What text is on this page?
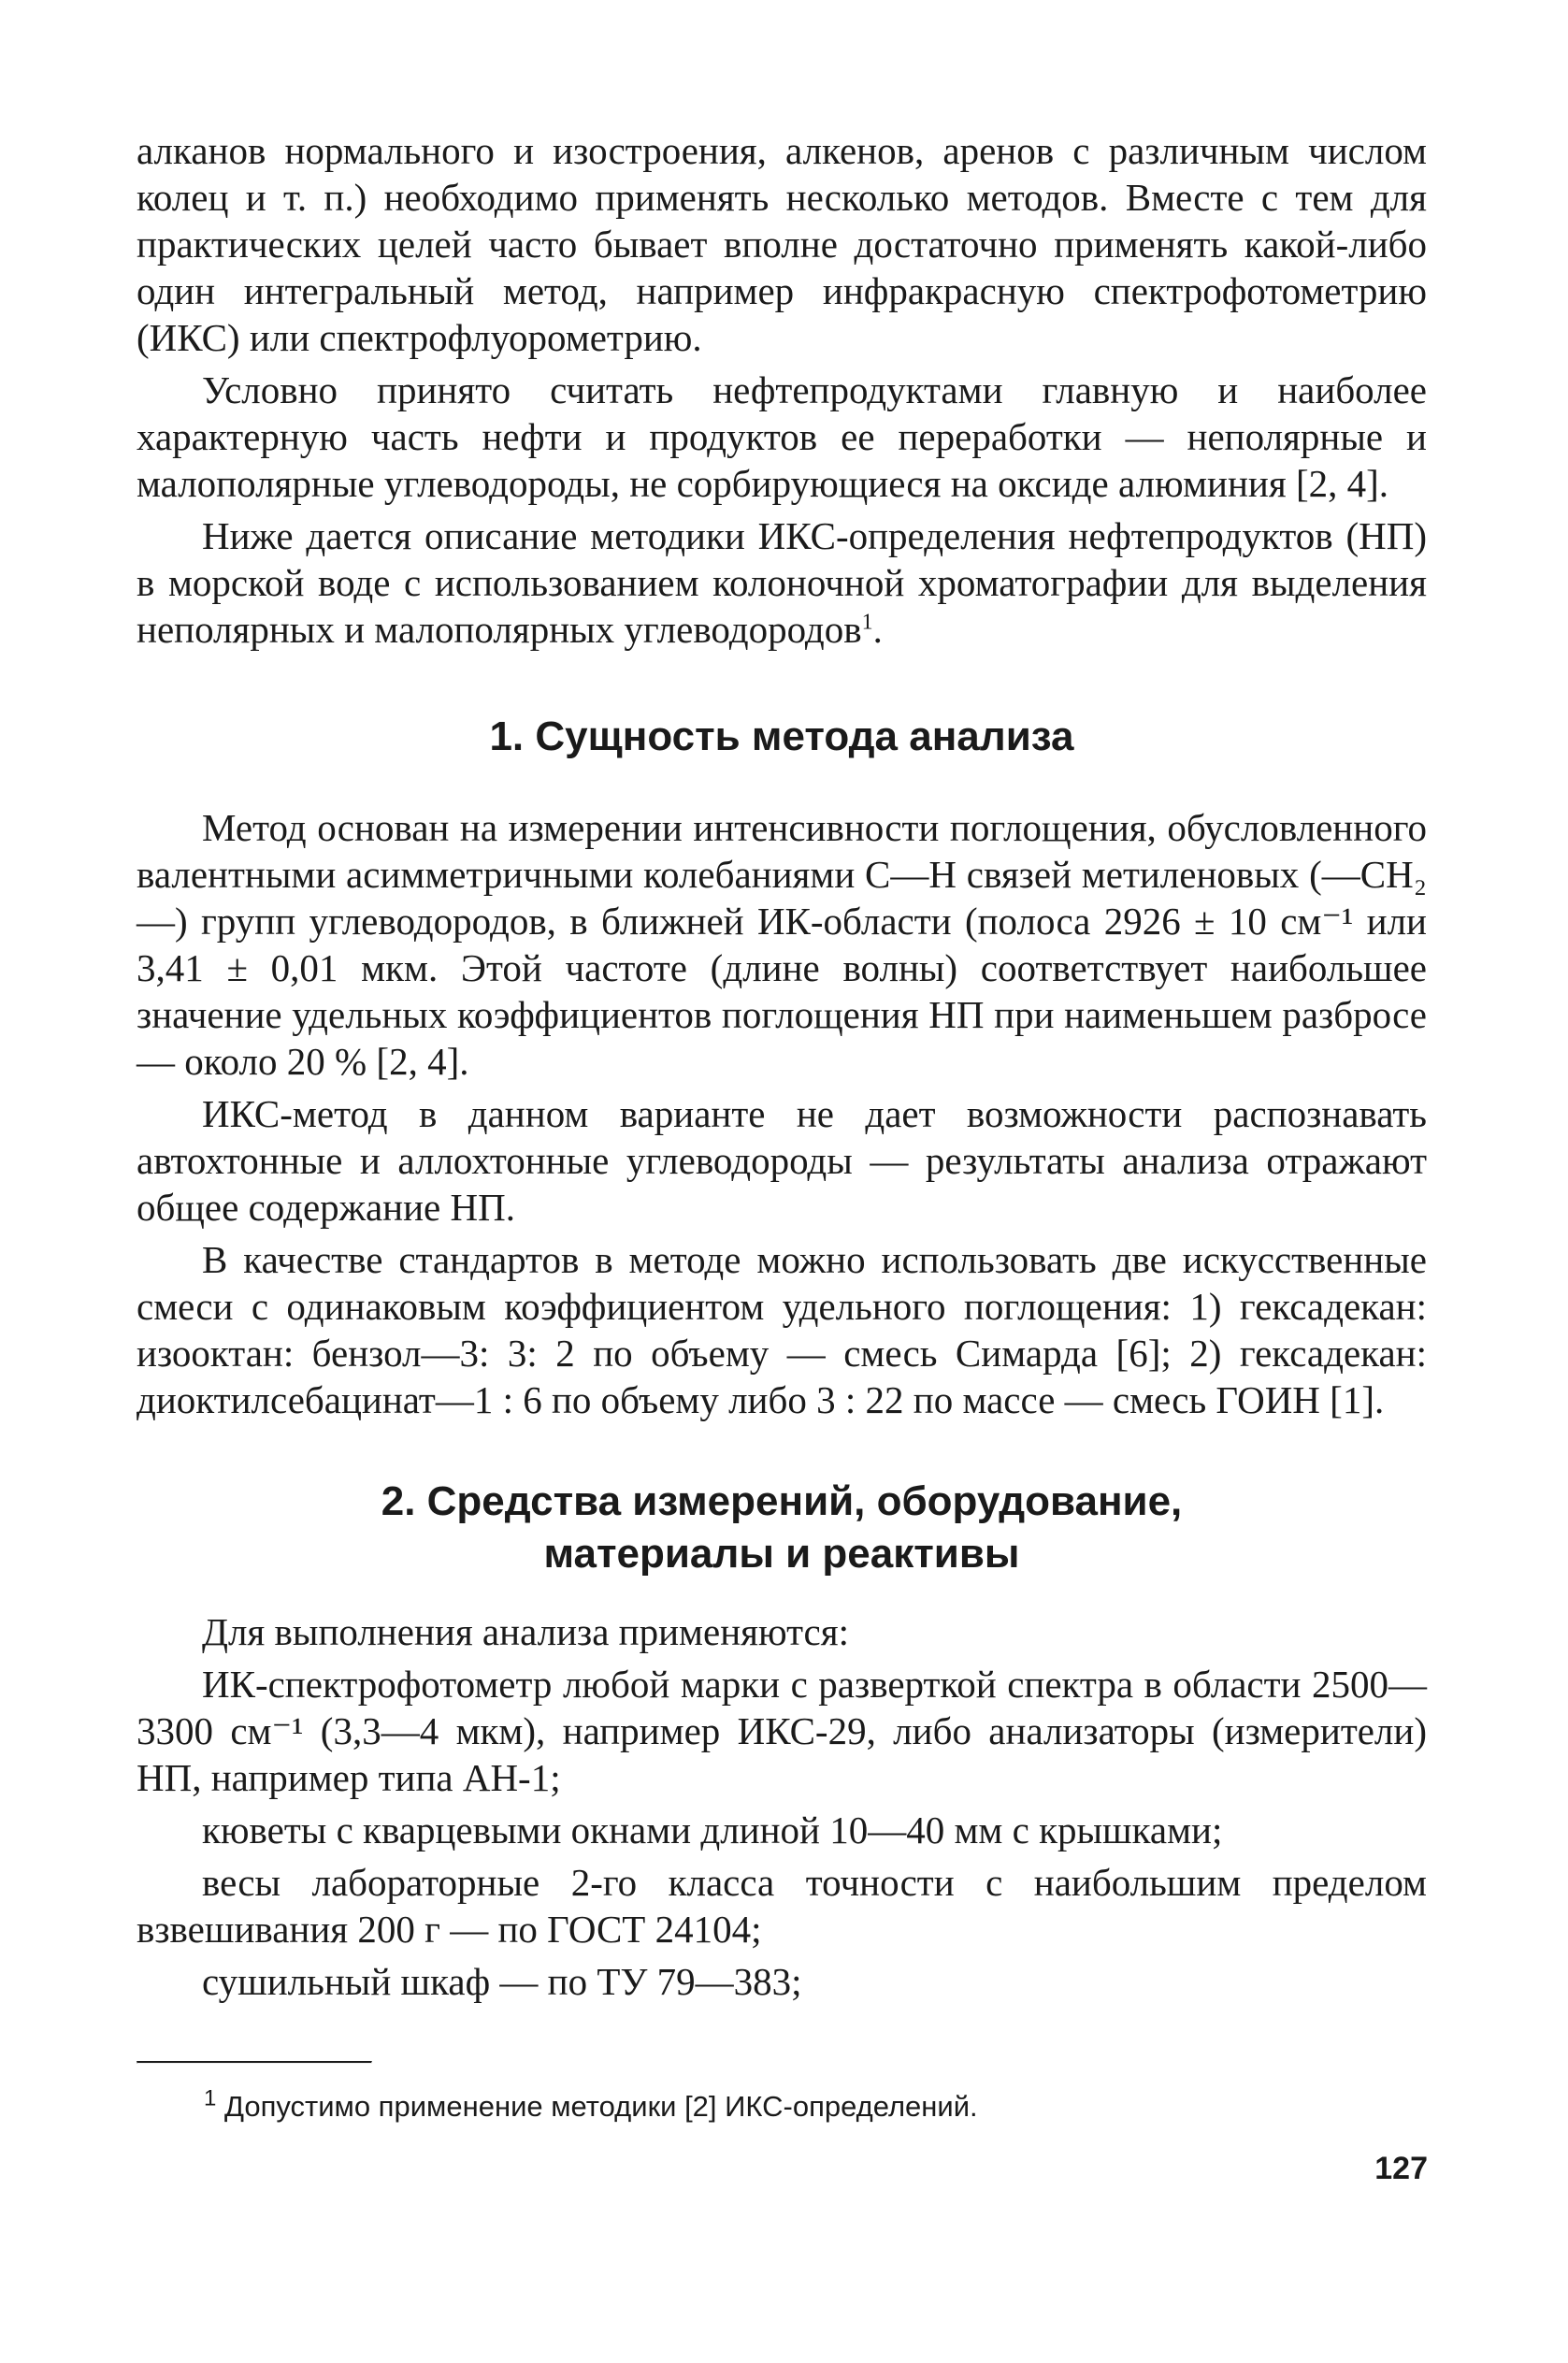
алканов нормального и изостроения, алкенов, аренов с различным числом колец и т. п.) необходимо применять несколько методов. Вместе с тем для практических целей часто бывает вполне достаточно применять какой-либо один интегральный метод, например инфракрасную спектрофотометрию (ИКС) или спектрофлуорометрию.

Условно принято считать нефтепродуктами главную и наиболее характерную часть нефти и продуктов ее переработки — неполярные и малополярные углеводороды, не сорбирующиеся на оксиде алюминия [2, 4].

Ниже дается описание методики ИКС-определения нефтепродуктов (НП) в морской воде с использованием колоночной хроматографии для выделения неполярных и малополярных углеводородов$^1$.

1. Сущность метода анализа

Метод основан на измерении интенсивности поглощения, обусловленного валентными асимметричными колебаниями С—Н связей метиленовых (—СН₂—) групп углеводородов, в ближней ИК-области (полоса 2926 ± 10 см⁻¹ или 3,41 ± 0,01 мкм. Этой частоте (длине волны) соответствует наибольшее значение удельных коэффициентов поглощения НП при наименьшем разбросе — около 20 % [2, 4].

ИКС-метод в данном варианте не дает возможности распознавать автохтонные и аллохтонные углеводороды — результаты анализа отражают общее содержание НП.

В качестве стандартов в методе можно использовать две искусственные смеси с одинаковым коэффициентом удельного поглощения: 1) гексадекан: изооктан: бензол—3: 3: 2 по объему — смесь Симарда [6]; 2) гексадекан: диоктилсебацинат—1 : 6 по объему либо 3 : 22 по массе — смесь ГОИН [1].

2. Средства измерений, оборудование,
материалы и реактивы

Для выполнения анализа применяются:

ИК-спектрофотометр любой марки с разверткой спектра в области 2500—3300 см⁻¹ (3,3—4 мкм), например ИКС-29, либо анализаторы (измерители) НП, например типа АН-1;

кюветы с кварцевыми окнами длиной 10—40 мм с крышками;

весы лабораторные 2-го класса точности с наибольшим пределом взвешивания 200 г — по ГОСТ 24104;

сушильный шкаф — по ТУ 79—383;

$^1$ Допустимо применение методики [2] ИКС-определений.

127
